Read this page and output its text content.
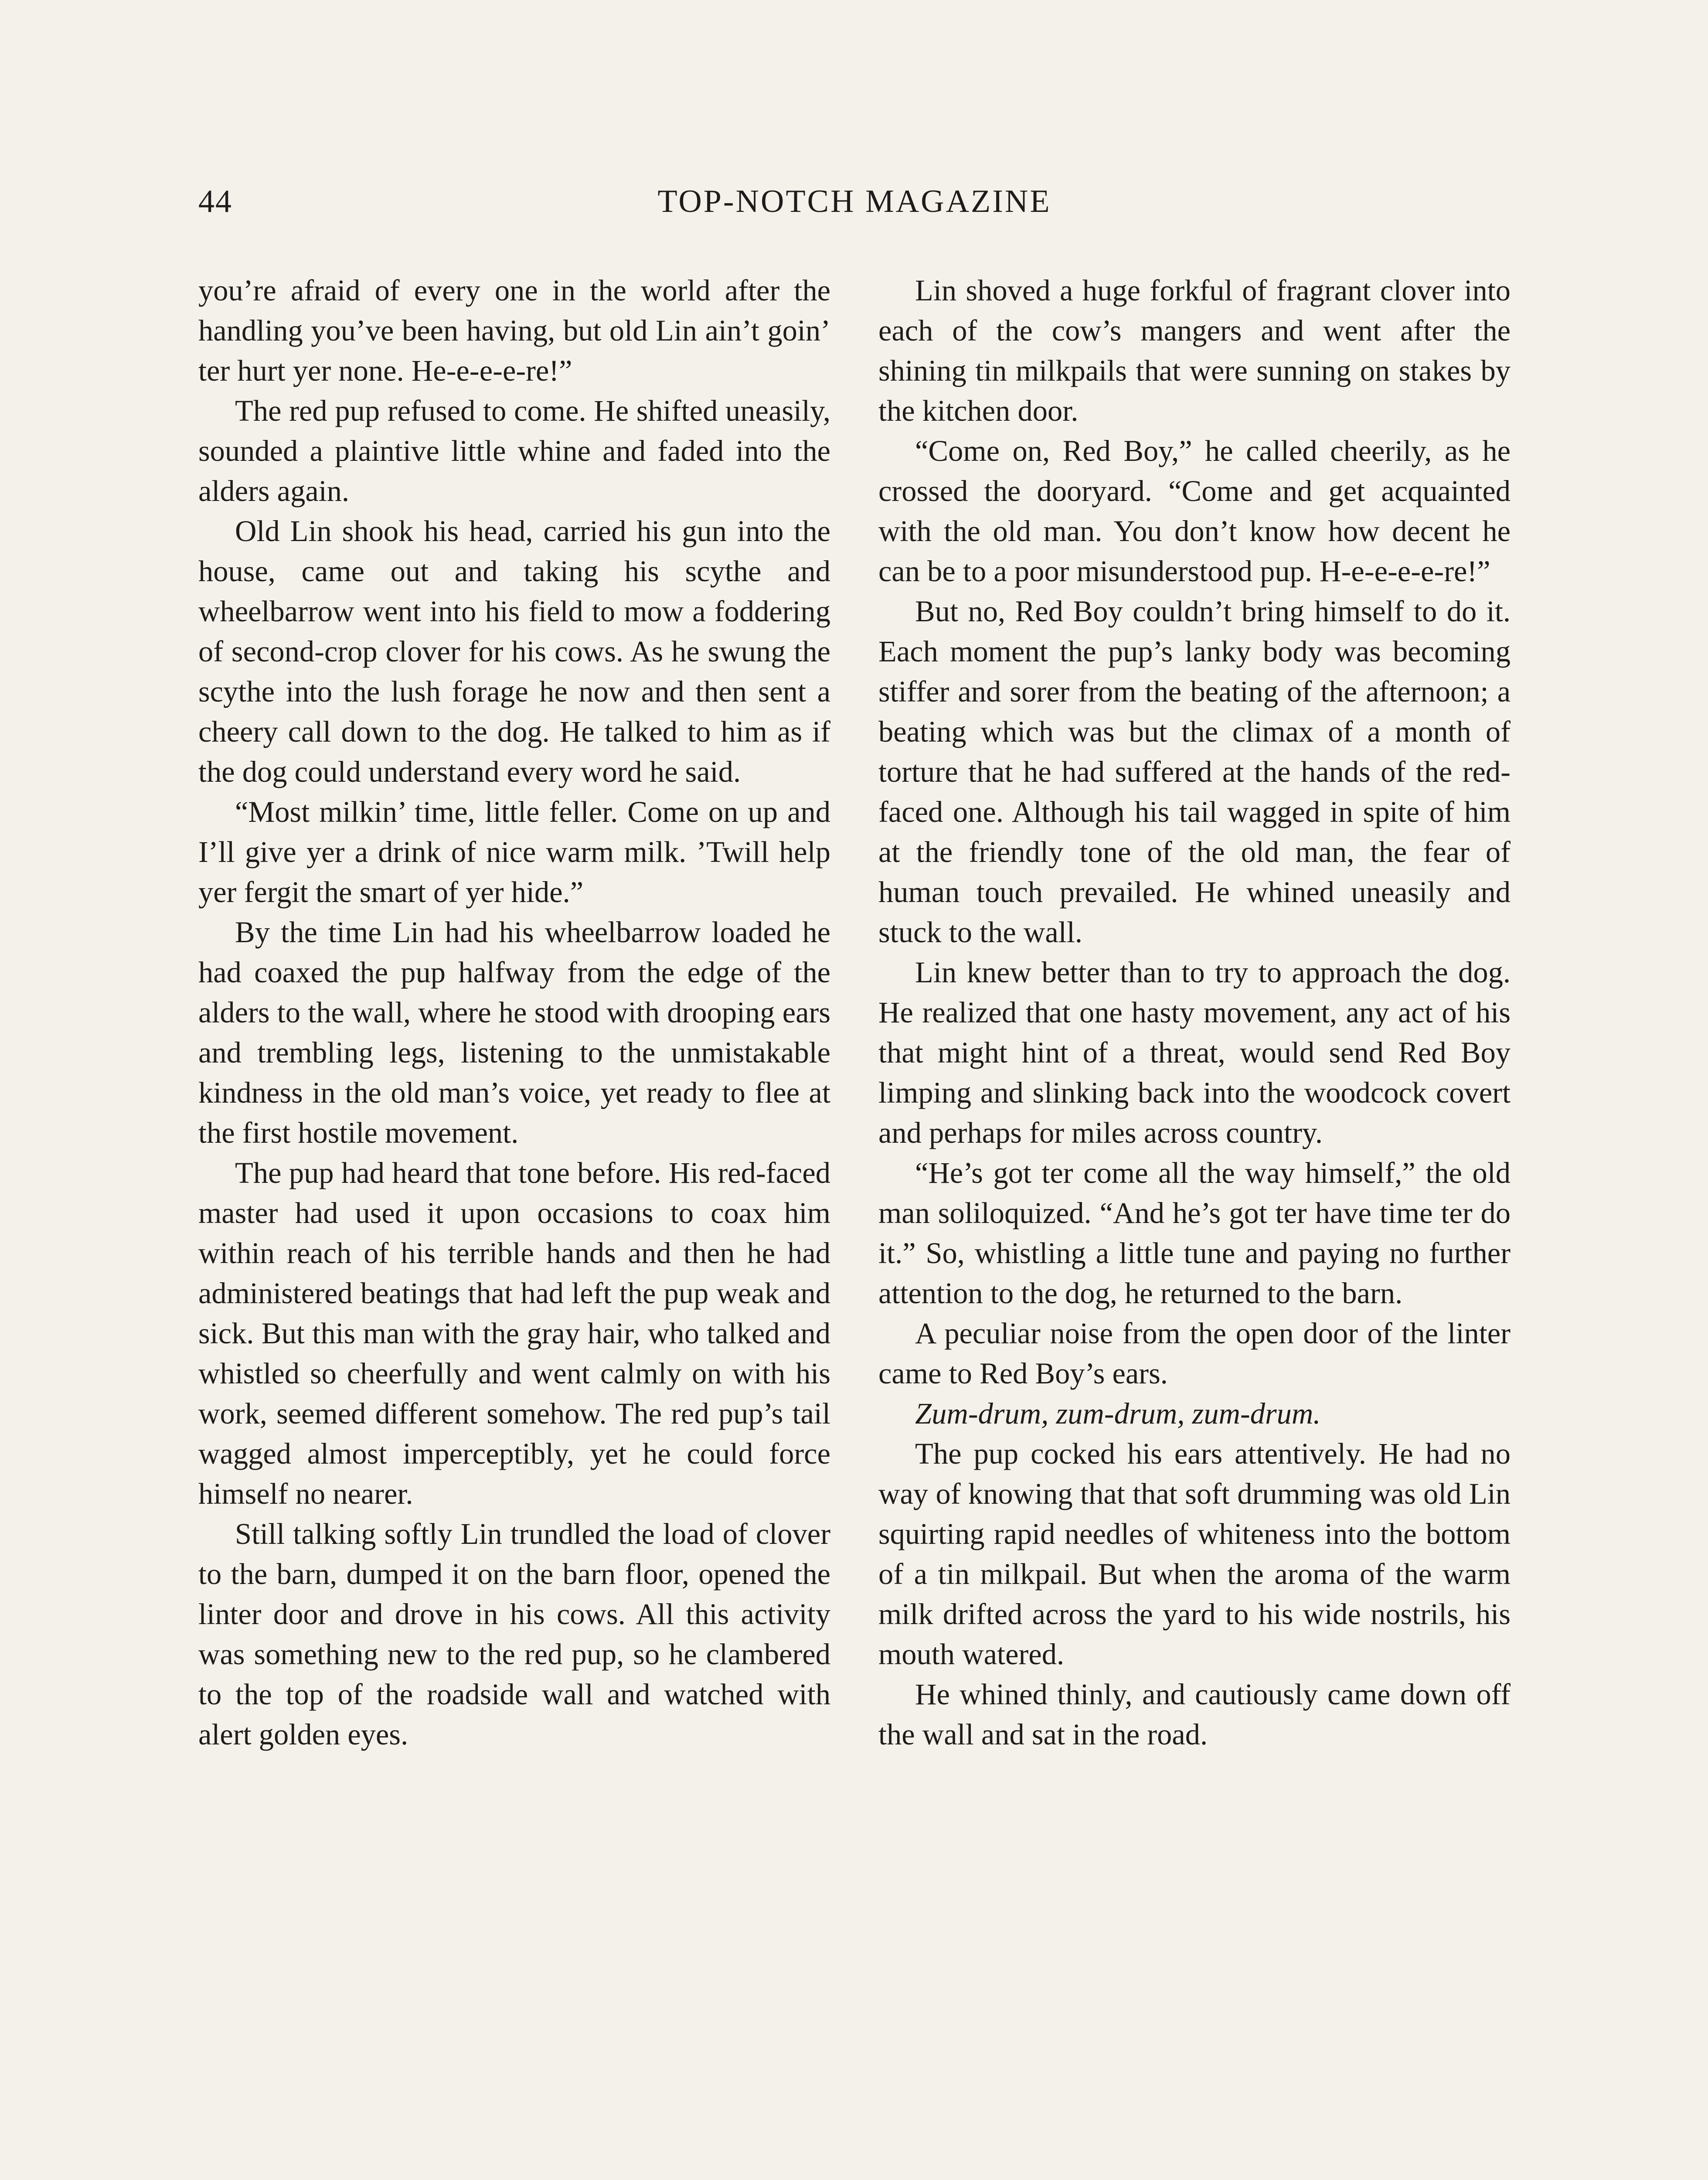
44	TOP-NOTCH MAGAZINE

you’re afraid of every one in the world after the handling you’ve been having, but old Lin ain’t goin’ ter hurt yer none. He-e-e-e-re!”

The red pup refused to come. He shifted uneasily, sounded a plaintive little whine and faded into the alders again.

Old Lin shook his head, carried his gun into the house, came out and taking his scythe and wheelbarrow went into his field to mow a foddering of second-crop clover for his cows. As he swung the scythe into the lush forage he now and then sent a cheery call down to the dog. He talked to him as if the dog could understand every word he said.

“Most milkin’ time, little feller. Come on up and I’ll give yer a drink of nice warm milk. ’Twill help yer fergit the smart of yer hide.”

By the time Lin had his wheelbarrow loaded he had coaxed the pup halfway from the edge of the alders to the wall, where he stood with drooping ears and trembling legs, listening to the unmistakable kindness in the old man’s voice, yet ready to flee at the first hostile movement.

The pup had heard that tone before. His red-faced master had used it upon occasions to coax him within reach of his terrible hands and then he had administered beatings that had left the pup weak and sick. But this man with the gray hair, who talked and whistled so cheerfully and went calmly on with his work, seemed different somehow. The red pup’s tail wagged almost imperceptibly, yet he could force himself no nearer.

Still talking softly Lin trundled the load of clover to the barn, dumped it on the barn floor, opened the linter door and drove in his cows. All this activity was something new to the red pup, so he clambered to the top of the roadside wall and watched with alert golden eyes.

Lin shoved a huge forkful of fragrant clover into each of the cow’s mangers and went after the shining tin milkpails that were sunning on stakes by the kitchen door.

“Come on, Red Boy,” he called cheerily, as he crossed the dooryard. “Come and get acquainted with the old man. You don’t know how decent he can be to a poor misunderstood pup. H-e-e-e-e-re!”

But no, Red Boy couldn’t bring himself to do it. Each moment the pup’s lanky body was becoming stiffer and sorer from the beating of the afternoon; a beating which was but the climax of a month of torture that he had suffered at the hands of the red-faced one. Although his tail wagged in spite of him at the friendly tone of the old man, the fear of human touch prevailed. He whined uneasily and stuck to the wall.

Lin knew better than to try to approach the dog. He realized that one hasty movement, any act of his that might hint of a threat, would send Red Boy limping and slinking back into the woodcock covert and perhaps for miles across country.

“He’s got ter come all the way himself,” the old man soliloquized. “And he’s got ter have time ter do it.” So, whistling a little tune and paying no further attention to the dog, he returned to the barn.

A peculiar noise from the open door of the linter came to Red Boy’s ears.

Zum-drum, zum-drum, zum-drum.

The pup cocked his ears attentively. He had no way of knowing that that soft drumming was old Lin squirting rapid needles of whiteness into the bottom of a tin milkpail. But when the aroma of the warm milk drifted across the yard to his wide nostrils, his mouth watered.

He whined thinly, and cautiously came down off the wall and sat in the road.
